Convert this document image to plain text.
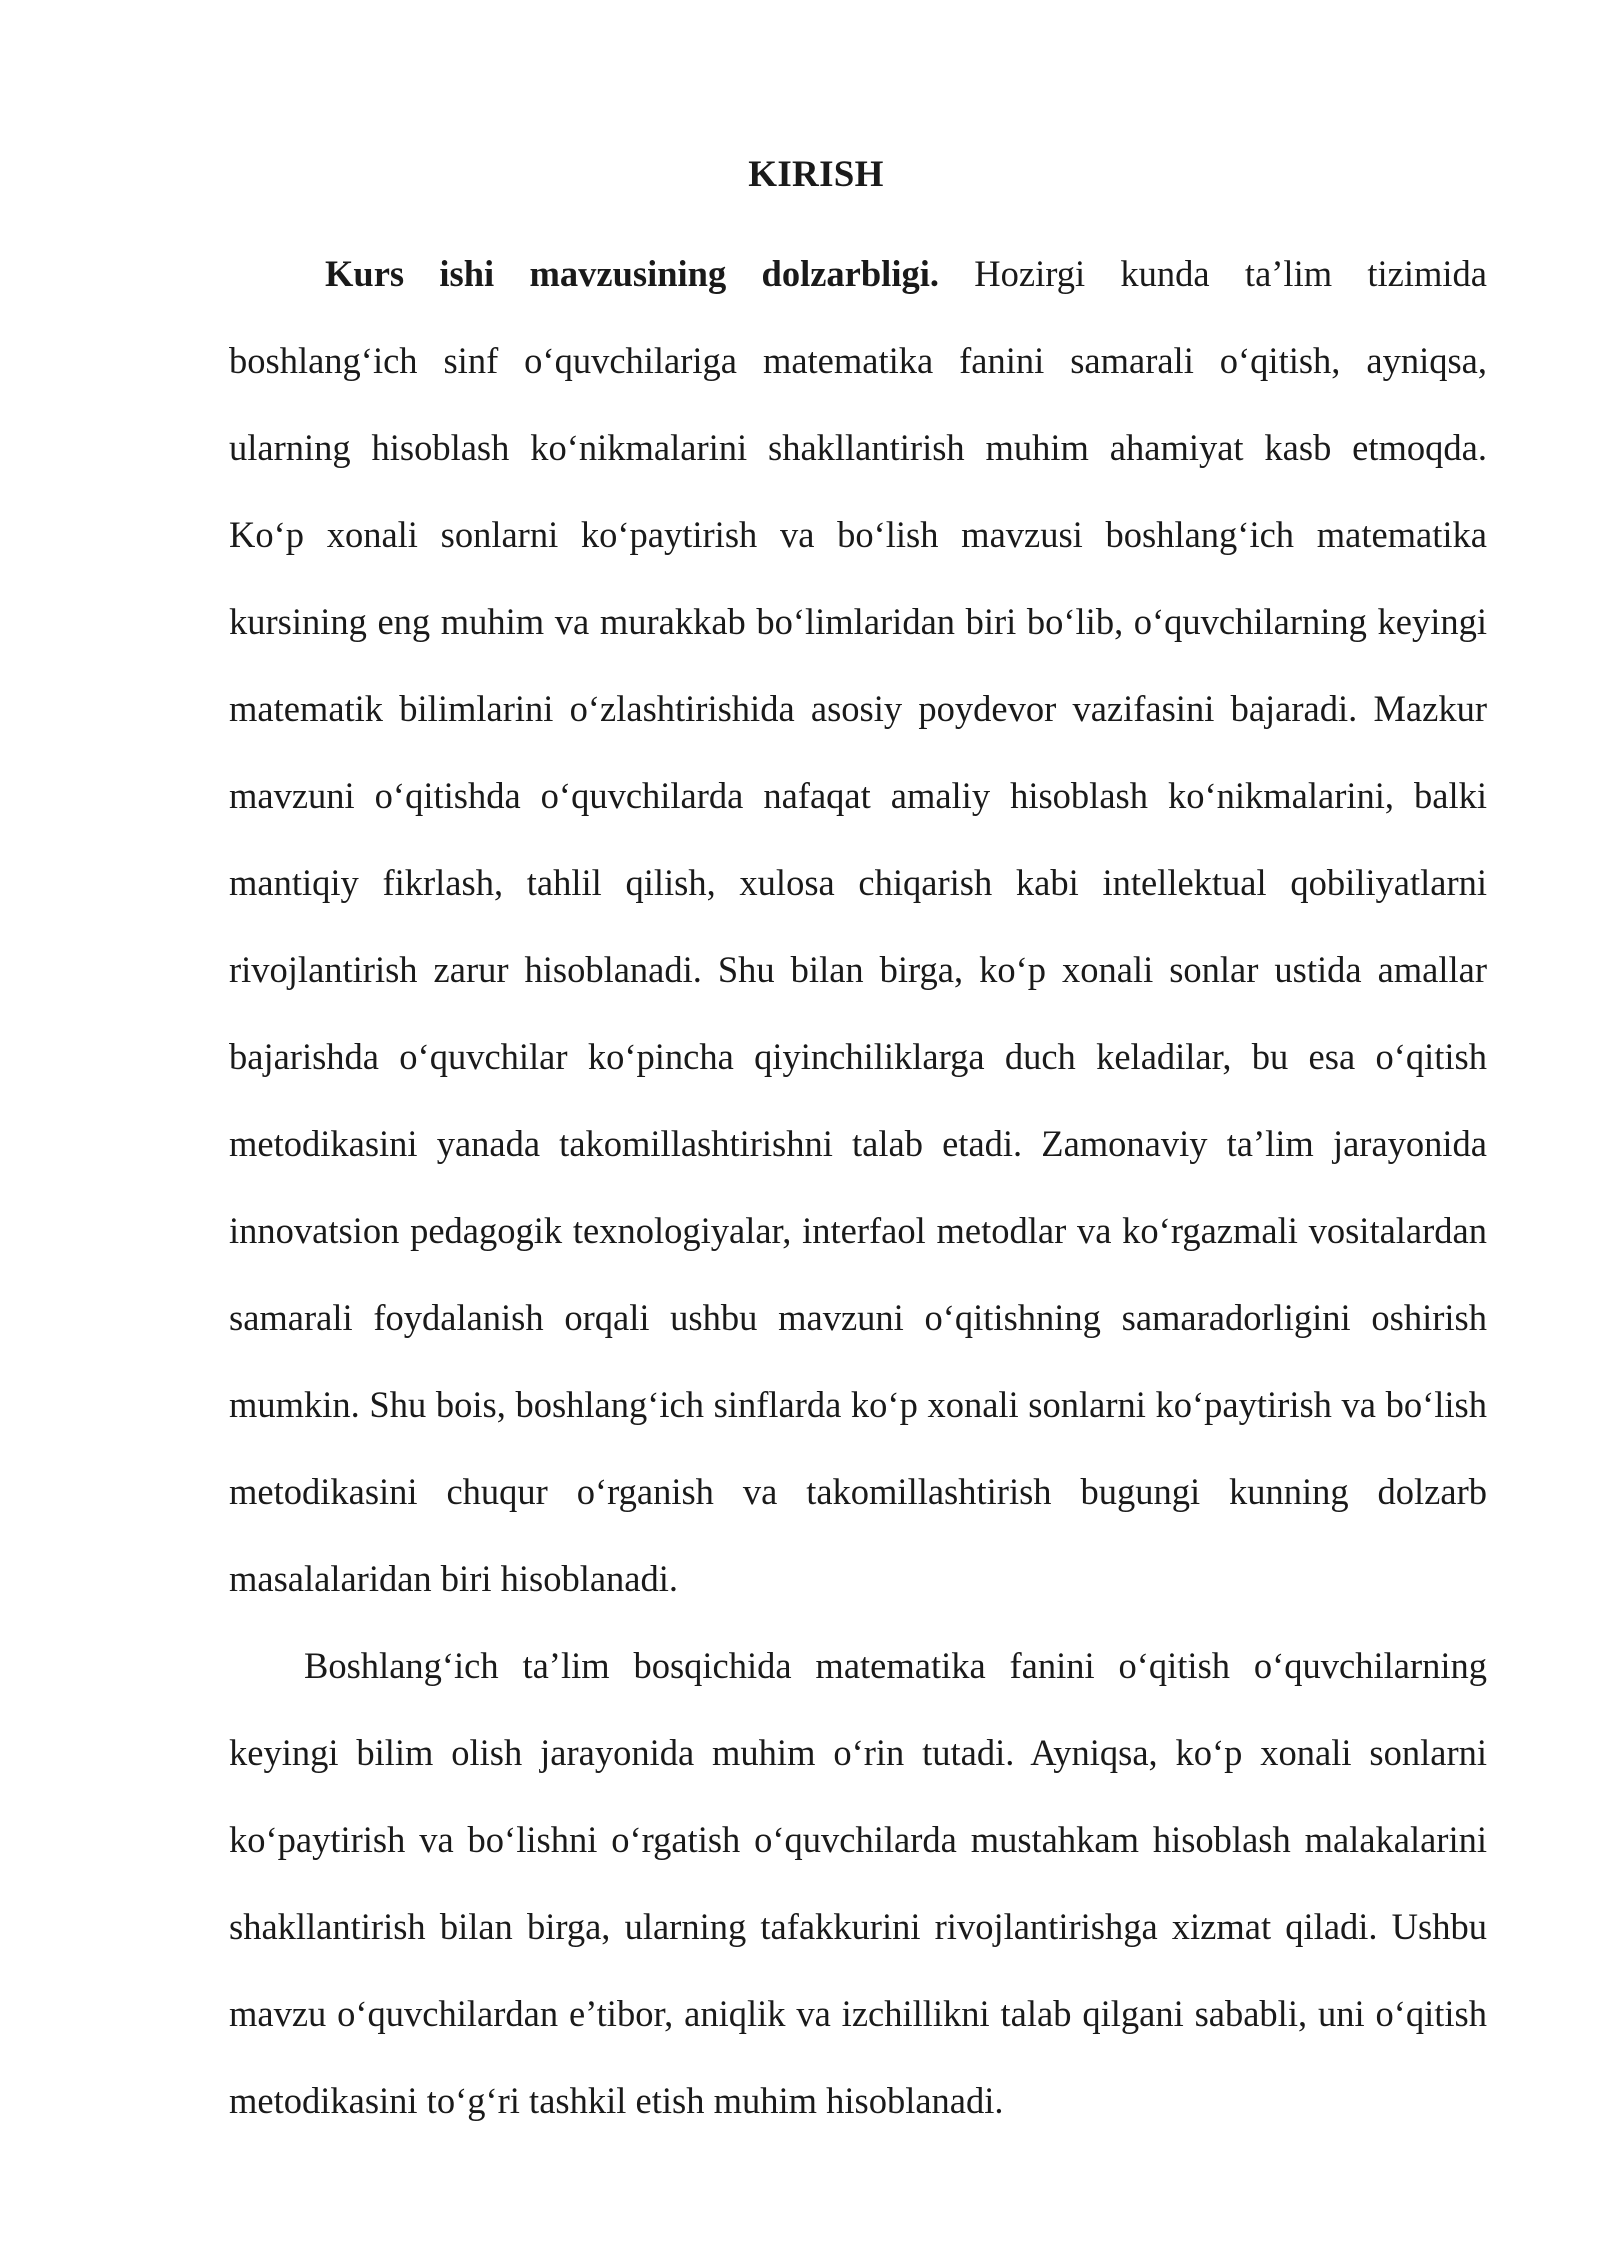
KIRISH

Kurs ishi mavzusining dolzarbligi. Hozirgi kunda ta’lim tizimida boshlang‘ich sinf o‘quvchilariga matematika fanini samarali o‘qitish, ayniqsa, ularning hisoblash ko‘nikmalarini shakllantirish muhim ahamiyat kasb etmoqda. Ko‘p xonali sonlarni ko‘paytirish va bo‘lish mavzusi boshlang‘ich matematika kursining eng muhim va murakkab bo‘limlaridan biri bo‘lib, o‘quvchilarning keyingi matematik bilimlarini o‘zlashtirishida asosiy poydevor vazifasini bajaradi. Mazkur mavzuni o‘qitishda o‘quvchilarda nafaqat amaliy hisoblash ko‘nikmalarini, balki mantiqiy fikrlash, tahlil qilish, xulosa chiqarish kabi intellektual qobiliyatlarni rivojlantirish zarur hisoblanadi. Shu bilan birga, ko‘p xonali sonlar ustida amallar bajarishda o‘quvchilar ko‘pincha qiyinchiliklarga duch keladilar, bu esa o‘qitish metodikasini yanada takomillashtirishni talab etadi. Zamonaviy ta’lim jarayonida innovatsion pedagogik texnologiyalar, interfaol metodlar va ko‘rgazmali vositalardan samarali foydalanish orqali ushbu mavzuni o‘qitishning samaradorligini oshirish mumkin. Shu bois, boshlang‘ich sinflarda ko‘p xonali sonlarni ko‘paytirish va bo‘lish metodikasini chuqur o‘rganish va takomillashtirish bugungi kunning dolzarb masalalaridan biri hisoblanadi.

Boshlang‘ich ta’lim bosqichida matematika fanini o‘qitish o‘quvchilarning keyingi bilim olish jarayonida muhim o‘rin tutadi. Ayniqsa, ko‘p xonali sonlarni ko‘paytirish va bo‘lishni o‘rgatish o‘quvchilarda mustahkam hisoblash malakalarini shakllantirish bilan birga, ularning tafakkurini rivojlantirishga xizmat qiladi. Ushbu mavzu o‘quvchilardan e’tibor, aniqlik va izchillikni talab qilgani sababli, uni o‘qitish metodikasini to‘g‘ri tashkil etish muhim hisoblanadi.
